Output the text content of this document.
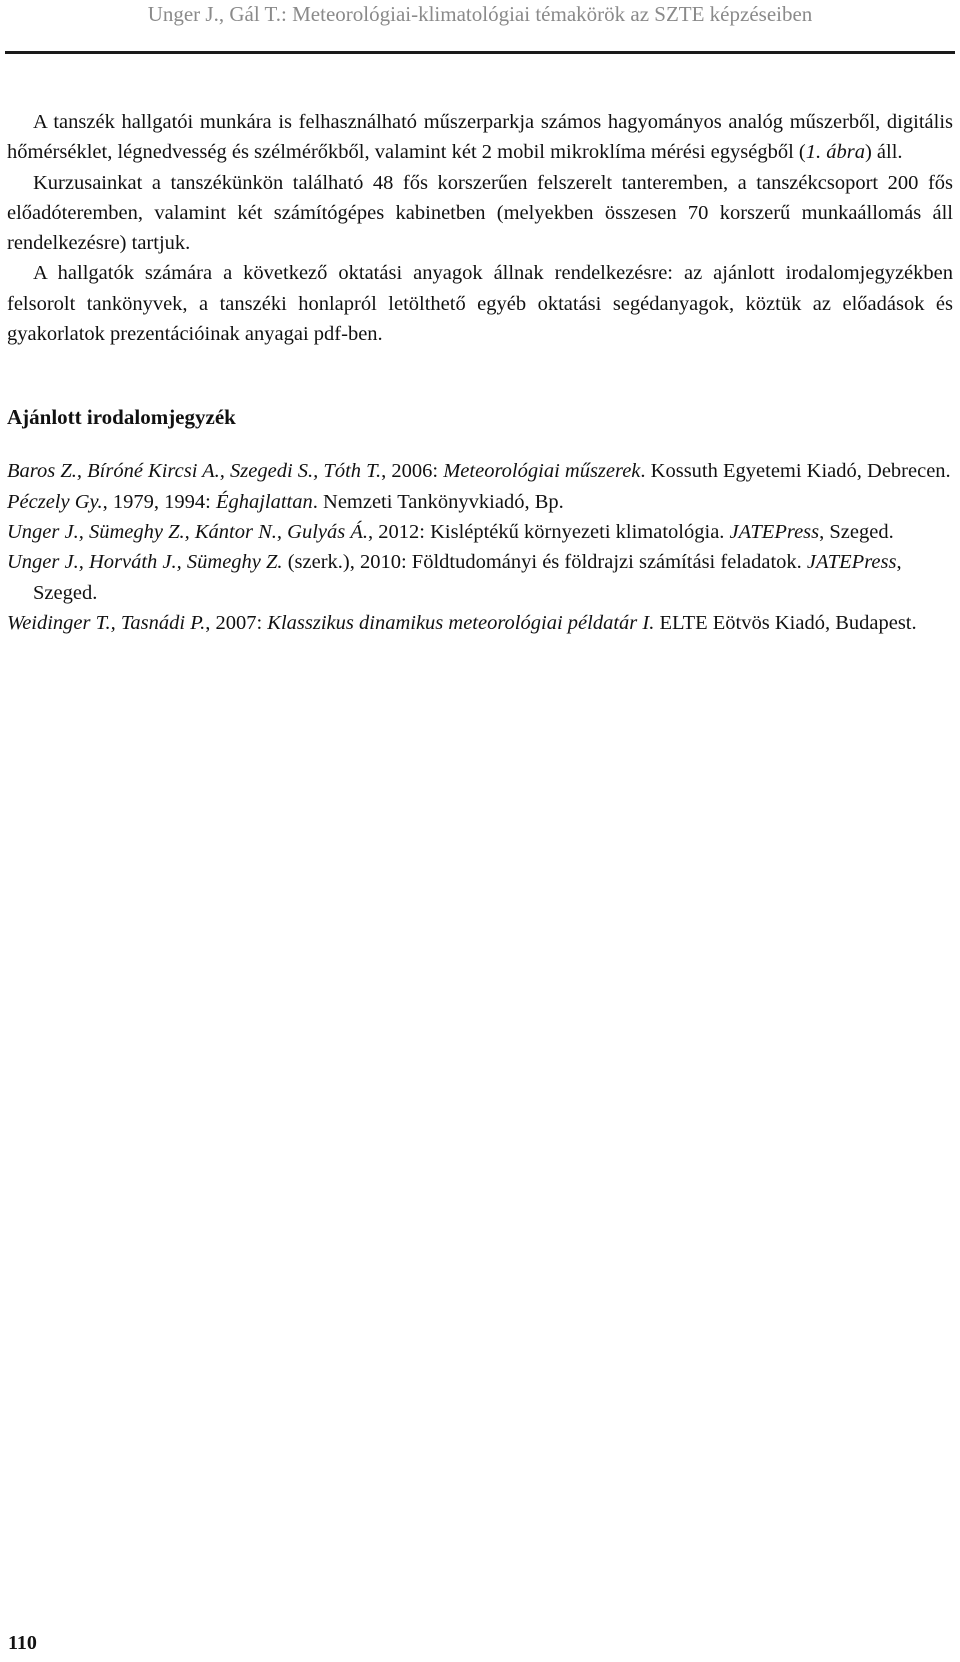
Unger J., Gál T.: Meteorológiai-klimatológiai témakörök az SZTE képzéseiben

A tanszék hallgatói munkára is felhasználható műszerparkja számos hagyományos analóg műszerből, digitális hőmérséklet, légnedvesség és szélmérőkből, valamint két 2 mobil mikroklíma mérési egységből (1. ábra) áll.

Kurzusainkat a tanszékünkön található 48 fős korszerűen felszerelt tanteremben, a tanszékcsoport 200 fős előadóteremben, valamint két számítógépes kabinetben (melyekben összesen 70 korszerű munkaállomás áll rendelkezésre) tartjuk.

A hallgatók számára a következő oktatási anyagok állnak rendelkezésre: az ajánlott irodalomjegyzékben felsorolt tankönyvek, a tanszéki honlapról letölthető egyéb oktatási segédanyagok, köztük az előadások és gyakorlatok prezentációinak anyagai pdf-ben.

Ajánlott irodalomjegyzék

Baros Z., Bíróné Kircsi A., Szegedi S., Tóth T., 2006: Meteorológiai műszerek. Kossuth Egyetemi Kiadó, Debrecen.

Péczely Gy., 1979, 1994: Éghajlattan. Nemzeti Tankönyvkiadó, Bp.

Unger J., Sümeghy Z., Kántor N., Gulyás Á., 2012: Kisléptékű környezeti klimatológia. JATEPress, Szeged.

Unger J., Horváth J., Sümeghy Z. (szerk.), 2010: Földtudományi és földrajzi számítási feladatok. JATEPress, Szeged.

Weidinger T., Tasnádi P., 2007: Klasszikus dinamikus meteorológiai példatár I. ELTE Eötvös Kiadó, Budapest.

110
